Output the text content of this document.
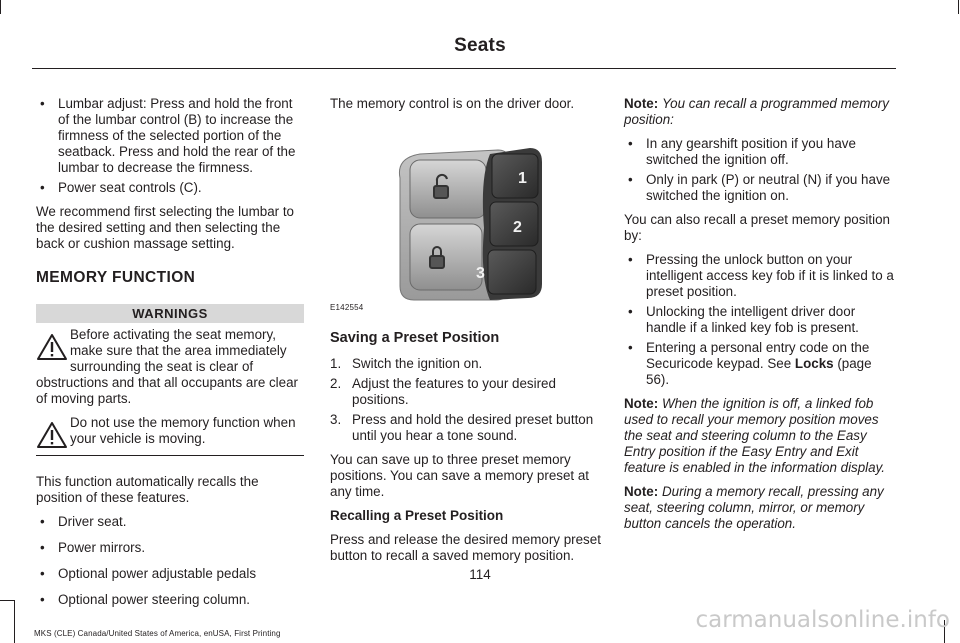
Seats
• Lumbar adjust: Press and hold the front of the lumbar control (B) to increase the firmness of the selected portion of the seatback. Press and hold the rear of the lumbar to decrease the firmness.
• Power seat controls (C).

We recommend first selecting the lumbar to the desired setting and then selecting the back or cushion massage setting.

MEMORY FUNCTION
WARNINGS
Before activating the seat memory, make sure that the area immediately surrounding the seat is clear of obstructions and that all occupants are clear of moving parts.
Do not use the memory function when your vehicle is moving.

This function automatically recalls the position of these features.

• Driver seat.
• Power mirrors.
• Optional power adjustable pedals
• Optional power steering column.

The memory control is on the driver door.

1
2
3
E142554
Saving a Preset Position
1. Switch the ignition on.
2. Adjust the features to your desired positions.
3. Press and hold the desired preset button until you hear a tone sound.

You can save up to three preset memory positions. You can save a memory preset at any time.

Recalling a Preset Position

Press and release the desired memory preset button to recall a saved memory position.

Note: You can recall a programmed memory position:

• In any gearshift position if you have switched the ignition off.
• Only in park (P) or neutral (N) if you have switched the ignition on.

You can also recall a preset memory position by:

• Pressing the unlock button on your intelligent access key fob if it is linked to a preset position.
• Unlocking the intelligent driver door handle if a linked key fob is present.
• Entering a personal entry code on the Securicode keypad. See Locks (page 56).

Note: When the ignition is off, a linked fob used to recall your memory position moves the seat and steering column to the Easy Entry position if the Easy Entry and Exit feature is enabled in the information display.

Note: During a memory recall, pressing any seat, steering column, mirror, or memory button cancels the operation.

114
MKS (CLE) Canada/United States of America, enUSA, First Printing
carmanualsonline.info
